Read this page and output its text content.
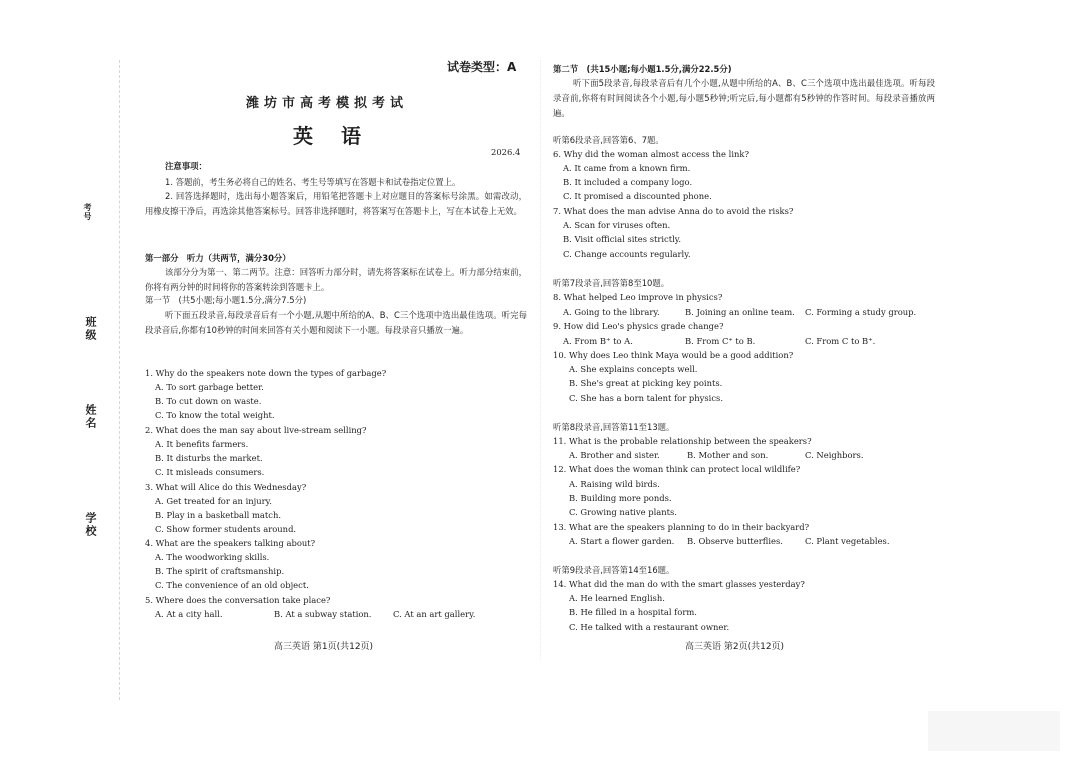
考号
班级
姓名
学校
试卷类型：A
潍坊市高考模拟考试
英　语
2026.4
注意事项：
1. 答题前，考生务必将自己的姓名、考生号等填写在答题卡和试卷指定位置上。
2. 回答选择题时，选出每小题答案后，用铅笔把答题卡上对应题目的答案标号涂黑。如需改动，用橡皮擦干净后，再选涂其他答案标号。回答非选择题时，将答案写在答题卡上，写在本试卷上无效。
第一部分　听力（共两节，满分30分）
该部分分为第一、第二两节。注意：回答听力部分时，请先将答案标在试卷上。听力部分结束前，你将有两分钟的时间将你的答案转涂到答题卡上。
第一节　(共5小题;每小题1.5分,满分7.5分)
听下面五段录音,每段录音后有一个小题,从题中所给的A、B、C三个选项中选出最佳选项。听完每段录音后,你都有10秒钟的时间来回答有关小题和阅读下一小题。每段录音只播放一遍。
1. Why do the speakers note down the types of garbage?
A. To sort garbage better.
B. To cut down on waste.
C. To know the total weight.
2. What does the man say about live-stream selling?
A. It benefits farmers.
B. It disturbs the market.
C. It misleads consumers.
3. What will Alice do this Wednesday?
A. Get treated for an injury.
B. Play in a basketball match.
C. Show former students around.
4. What are the speakers talking about?
A. The woodworking skills.
B. The spirit of craftsmanship.
C. The convenience of an old object.
5. Where does the conversation take place?
A. At a city hall.	B. At a subway station.	C. At an art gallery.
高三英语 第1页(共12页)
第二节　(共15小题;每小题1.5分,满分22.5分)
听下面5段录音,每段录音后有几个小题,从题中所给的A、B、C三个选项中选出最佳选项。听每段录音前,你将有时间阅读各个小题,每小题5秒钟;听完后,每小题都有5秒钟的作答时间。每段录音播放两遍。
听第6段录音,回答第6、7题。
6. Why did the woman almost access the link?
A. It came from a known firm.
B. It included a company logo.
C. It promised a discounted phone.
7. What does the man advise Anna do to avoid the risks?
A. Scan for viruses often.
B. Visit official sites strictly.
C. Change accounts regularly.
听第7段录音,回答第8至10题。
8. What helped Leo improve in physics?
A. Going to the library.	B. Joining an online team. C. Forming a study group.
9. How did Leo's physics grade change?
A. From B⁺ to A.	B. From C⁺ to B.	C. From C to B⁺.
10. Why does Leo think Maya would be a good addition?
A. She explains concepts well.
B. She's great at picking key points.
C. She has a born talent for physics.
听第8段录音,回答第11至13题。
11. What is the probable relationship between the speakers?
A. Brother and sister.	B. Mother and son.	C. Neighbors.
12. What does the woman think can protect local wildlife?
A. Raising wild birds.
B. Building more ponds.
C. Growing native plants.
13. What are the speakers planning to do in their backyard?
A. Start a flower garden. B. Observe butterflies.	C. Plant vegetables.
听第9段录音,回答第14至16题。
14. What did the man do with the smart glasses yesterday?
A. He learned English.
B. He filled in a hospital form.
C. He talked with a restaurant owner.
高三英语 第2页(共12页)
